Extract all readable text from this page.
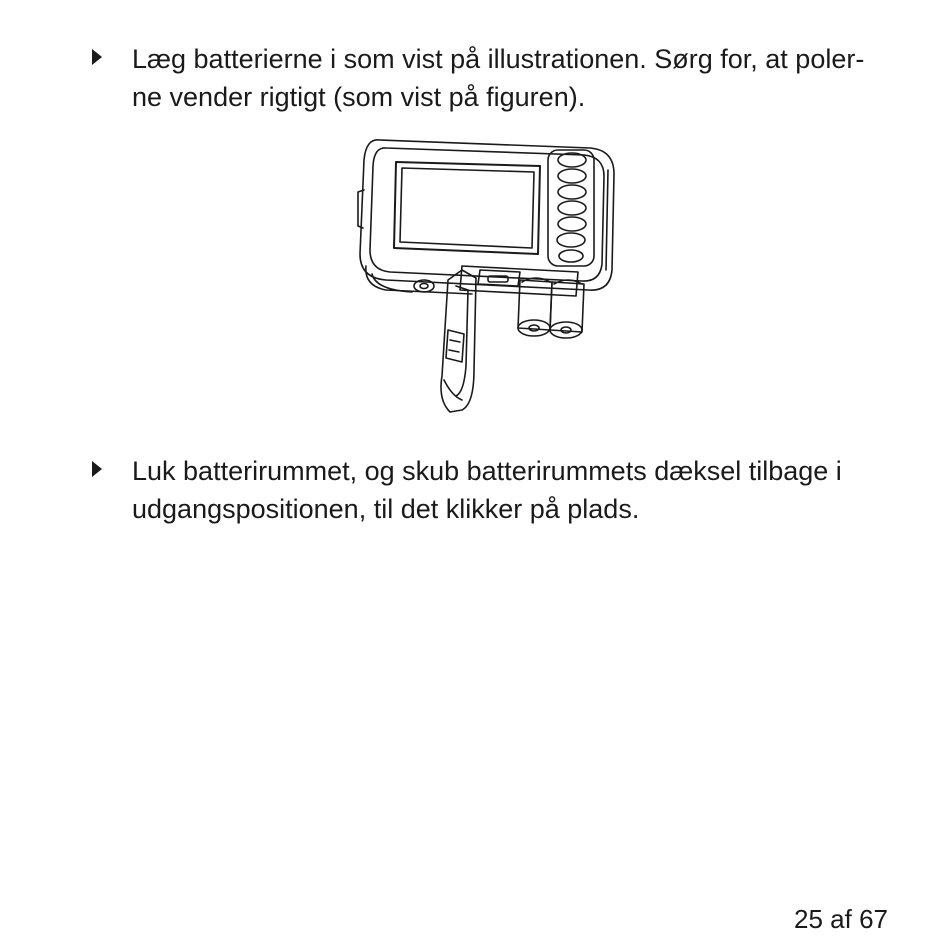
Læg batterierne i som vist på illustrationen. Sørg for, at poler-
ne vender rigtigt (som vist på figuren).
Luk batterirummet, og skub batterirummets dæksel tilbage i
udgangspositionen, til det klikker på plads.
25 af 67
